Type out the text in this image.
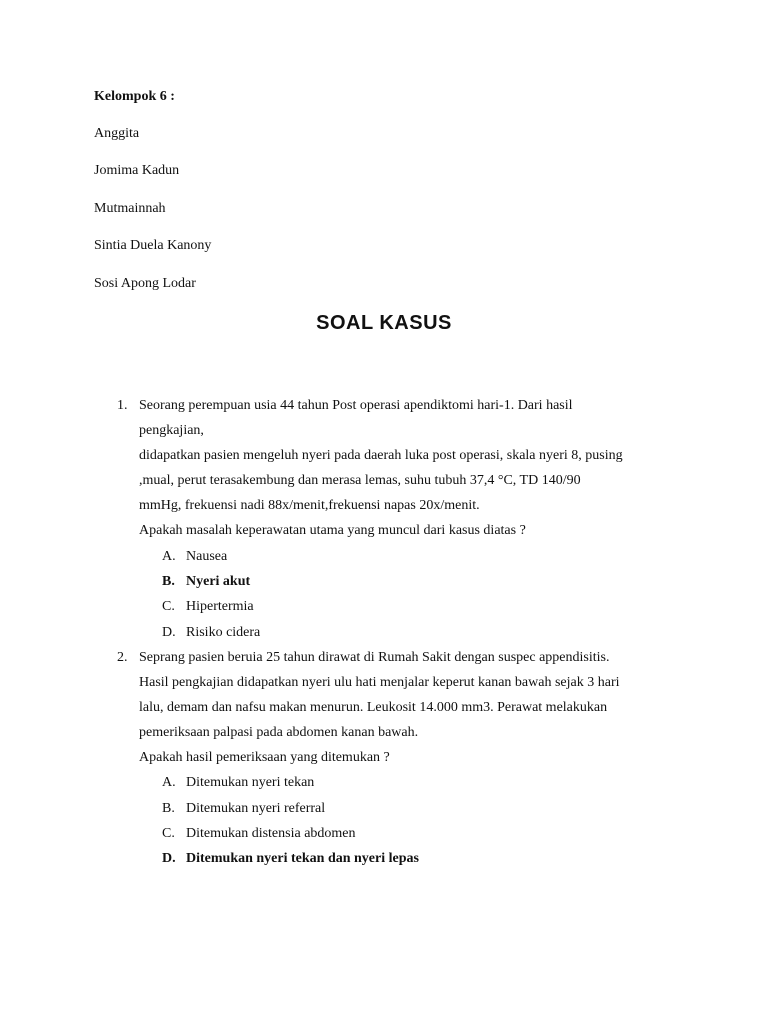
Kelompok 6 :
Anggita
Jomima Kadun
Mutmainnah
Sintia Duela Kanony
Sosi Apong Lodar
SOAL KASUS
1. Seorang perempuan usia 44 tahun Post operasi apendiktomi hari-1. Dari hasil
pengkajian,
didapatkan pasien mengeluh nyeri pada daerah luka post operasi, skala nyeri 8, pusing
,mual, perut terasakembung dan merasa lemas, suhu tubuh 37,4 °C, TD 140/90
mmHg, frekuensi nadi 88x/menit,frekuensi napas 20x/menit.
Apakah masalah keperawatan utama yang muncul dari kasus diatas ?
A. Nausea
B. Nyeri akut
C. Hipertermia
D. Risiko cidera
2. Seprang pasien beruia 25 tahun dirawat di Rumah Sakit dengan suspec appendisitis.
Hasil pengkajian didapatkan nyeri ulu hati menjalar keperut kanan bawah sejak 3 hari
lalu, demam dan nafsu makan menurun. Leukosit 14.000 mm3. Perawat melakukan
pemeriksaan palpasi pada abdomen kanan bawah.
Apakah hasil pemeriksaan yang ditemukan ?
A. Ditemukan nyeri tekan
B. Ditemukan nyeri referral
C. Ditemukan distensia abdomen
D. Ditemukan nyeri tekan dan nyeri lepas
